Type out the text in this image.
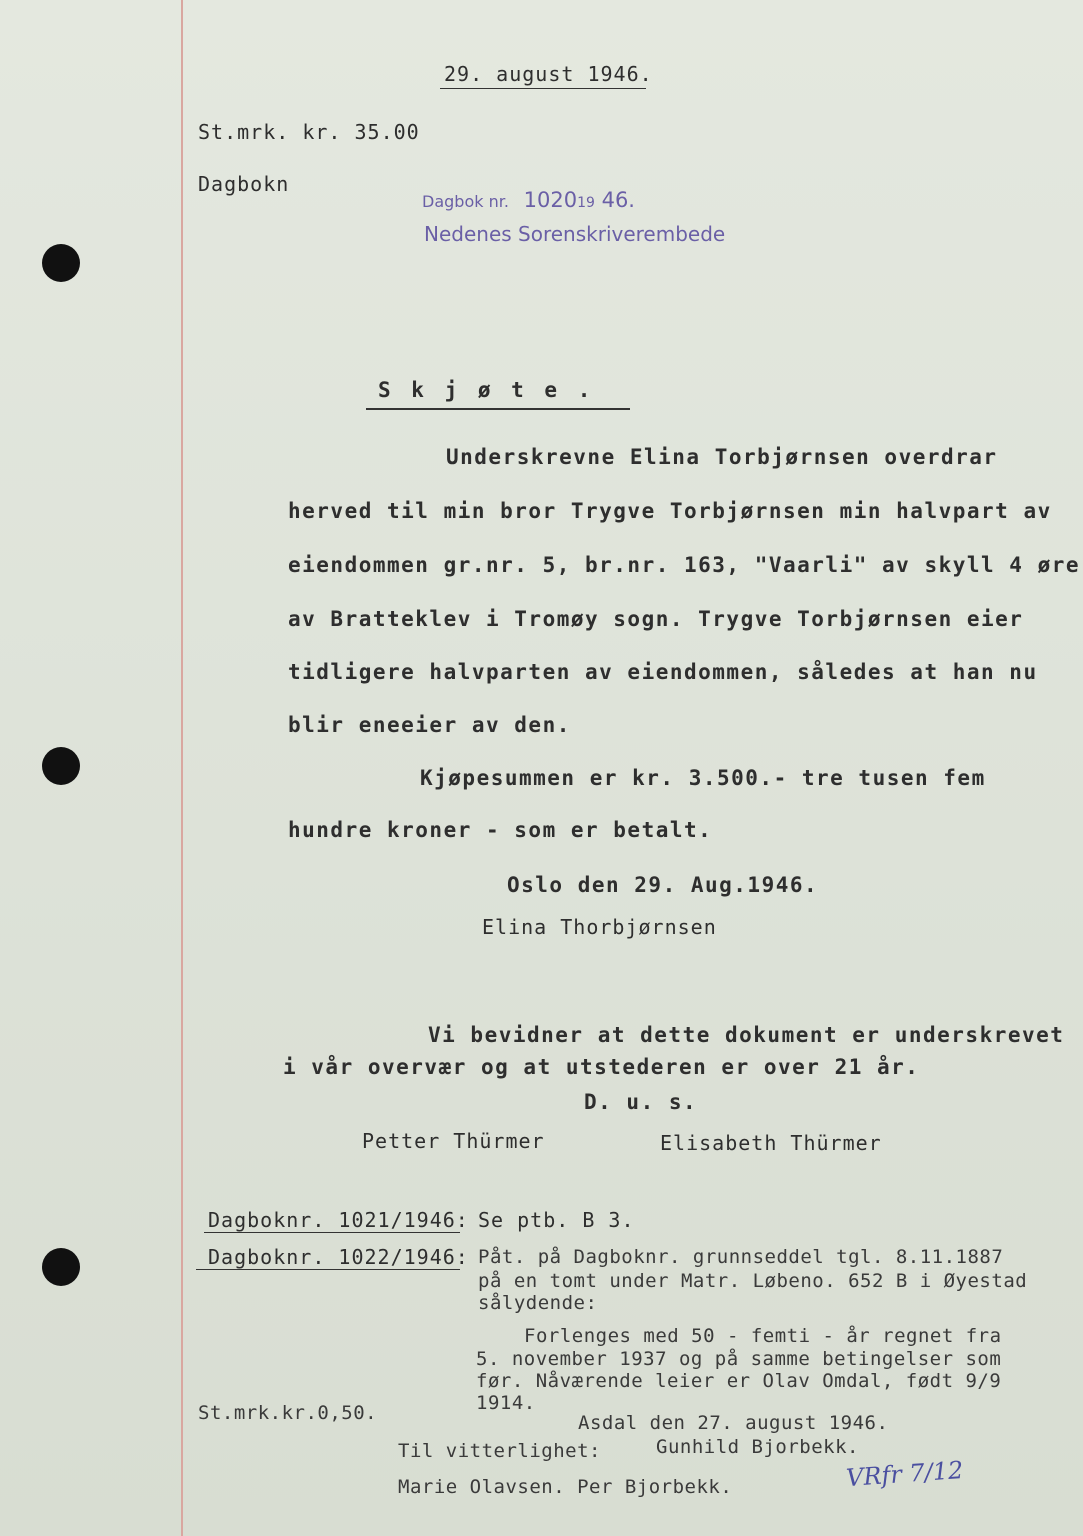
29. august 1946.
St.mrk. kr. 35.00
Dagbokn
Dagbok nr. 102019 46.
Nedenes Sorenskriverembede
S k j ø t e .
Underskrevne Elina Torbjørnsen overdrar
herved til min bror Trygve Torbjørnsen min halvpart av
eiendommen gr.nr. 5, br.nr. 163, "Vaarli" av skyll 4 øre
av Bratteklev i Tromøy sogn. Trygve Torbjørnsen eier
tidligere halvparten av eiendommen, således at han nu
blir eneeier av den.
Kjøpesummen er kr. 3.500.- tre tusen fem
hundre kroner - som er betalt.
Oslo den 29. Aug.1946.
Elina Thorbjørnsen
Vi bevidner at dette dokument er underskrevet
i vår overvær og at utstederen er over 21 år.
D. u. s.
Petter Thürmer	Elisabeth Thürmer
Dagboknr. 1021/1946: Se ptb. B 3.
Dagboknr. 1022/1946: Påt. på Dagboknr. grunnseddel tgl. 8.11.1887
på en tomt under Matr. Løbeno. 652 B i Øyestad
sålydende:
Forlenges med 50 - femti - år regnet fra
5. november 1937 og på samme betingelser som
før. Nåværende leier er Olav Omdal, født 9/9
1914.
St.mrk.kr.0,50.	Asdal den 27. august 1946.
Til vitterlighet:	Gunhild Bjorbekk.
Marie Olavsen. Per Bjorbekk.	VRfr 7/12
